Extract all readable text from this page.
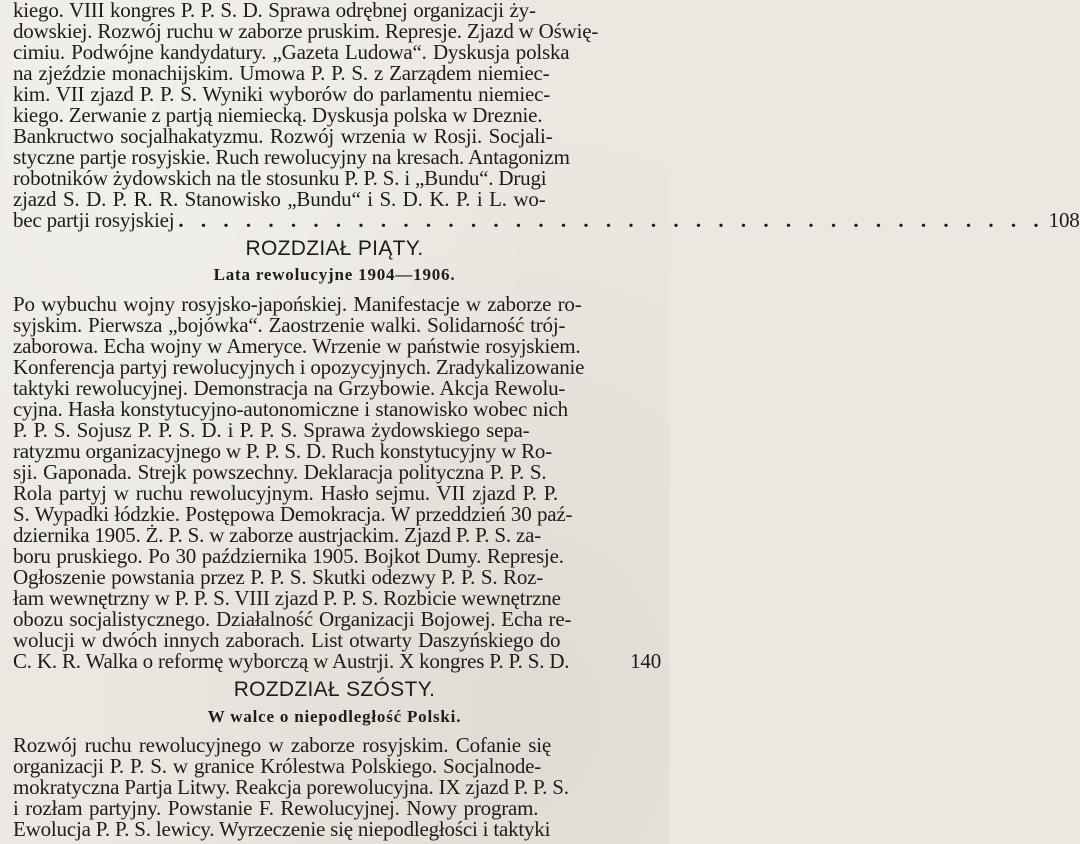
kiego. VIII kongres P. P. S. D. Sprawa odrębnej organizacji ży-
dowskiej. Rozwój ruchu w zaborze pruskim. Represje. Zjazd w Oświę-
cimiu. Podwójne kandydatury. „Gazeta Ludowa“. Dyskusja polska
na zjeździe monachijskim. Umowa P. P. S. z Zarządem niemiec-
kim. VII zjazd P. P. S. Wyniki wyborów do parlamentu niemiec-
kiego. Zerwanie z partją niemiecką. Dyskusja polska w Dreznie.
Bankructwo socjalhakatyzmu. Rozwój wrzenia w Rosji. Socjali-
styczne partje rosyjskie. Ruch rewolucyjny na kresach. Antagonizm
robotników żydowskich na tle stosunku P. P. S. i „Bundu“. Drugi
zjazd S. D. P. R. R. Stanowisko „Bundu“ i S. D. K. P. i L. wo-
bec partji rosyjskiej . . . . . . . . . . . . . . . . . . . . . . . . . . . . . . . . . . . . . . . 108
ROZDZIAŁ PIĄTY.
Lata rewolucyjne 1904—1906.
Po wybuchu wojny rosyjsko-japońskiej. Manifestacje w zaborze ro-
syjskim. Pierwsza „bojówka“. Zaostrzenie walki. Solidarność trój-
zaborowa. Echa wojny w Ameryce. Wrzenie w państwie rosyjskiem.
Konferencja partyj rewolucyjnych i opozycyjnych. Zradykalizowanie
taktyki rewolucyjnej. Demonstracja na Grzybowie. Akcja Rewolu-
cyjna. Hasła konstytucyjno-autonomiczne i stanowisko wobec nich
P. P. S. Sojusz P. P. S. D. i P. P. S. Sprawa żydowskiego sepa-
ratyzmu organizacyjnego w P. P. S. D. Ruch konstytucyjny w Ro-
sji. Gaponada. Strejk powszechny. Deklaracja polityczna P. P. S.
Rola partyj w ruchu rewolucyjnym. Hasło sejmu. VII zjazd P. P.
S. Wypadki łódzkie. Postępowa Demokracja. W przeddzień 30 paź-
dziernika 1905. Ż. P. S. w zaborze austrjackim. Zjazd P. P. S. za-
boru pruskiego. Po 30 października 1905. Bojkot Dumy. Represje.
Ogłoszenie powstania przez P. P. S. Skutki odezwy P. P. S. Roz-
łam wewnętrzny w P. P. S. VIII zjazd P. P. S. Rozbicie wewnętrzne
obozu socjalistycznego. Działalność Organizacji Bojowej. Echa re-
wolucji w dwóch innych zaborach. List otwarty Daszyńskiego do
C. K. R. Walka o reformę wyborczą w Austrji. X kongres P. P. S. D.	140
ROZDZIAŁ SZÓSTY.
W walce o niepodległość Polski.
Rozwój ruchu rewolucyjnego w zaborze rosyjskim. Cofanie się
organizacji P. P. S. w granice Królestwa Polskiego. Socjalnode-
mokratyczna Partja Litwy. Reakcja porewolucyjna. IX zjazd P. P. S.
i rozłam partyjny. Powstanie F. Rewolucyjnej. Nowy program.
Ewolucja P. P. S. lewicy. Wyrzeczenie się niepodległości i taktyki
